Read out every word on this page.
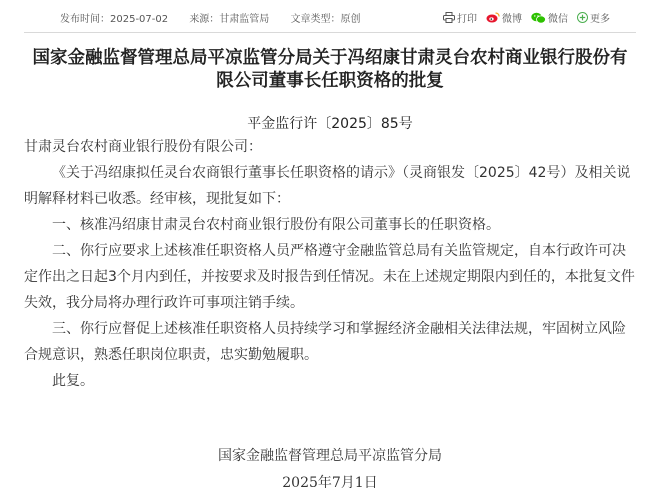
发布时间：2025-07-02 来源：甘肃监管局 文章类型：原创	打印	微博	微信 更多
国家金融监督管理总局平凉监管分局关于冯绍康甘肃灵台农村商业银行股份有限公司董事长任职资格的批复
平金监行许〔2025〕85号

甘肃灵台农村商业银行股份有限公司：

《关于冯绍康拟任灵台农商银行董事长任职资格的请示》（灵商银发〔2025〕42号）及相关说明解释材料已收悉。经审核，现批复如下：

一、核准冯绍康甘肃灵台农村商业银行股份有限公司董事长的任职资格。

二、你行应要求上述核准任职资格人员严格遵守金融监管总局有关监管规定，自本行政许可决定作出之日起3个月内到任，并按要求及时报告到任情况。未在上述规定期限内到任的，本批复文件失效，我分局将办理行政许可事项注销手续。

三、你行应督促上述核准任职资格人员持续学习和掌握经济金融相关法律法规，牢固树立风险合规意识，熟悉任职岗位职责，忠实勤勉履职。

此复。

国家金融监督管理总局平凉监管分局
2025年7月1日
